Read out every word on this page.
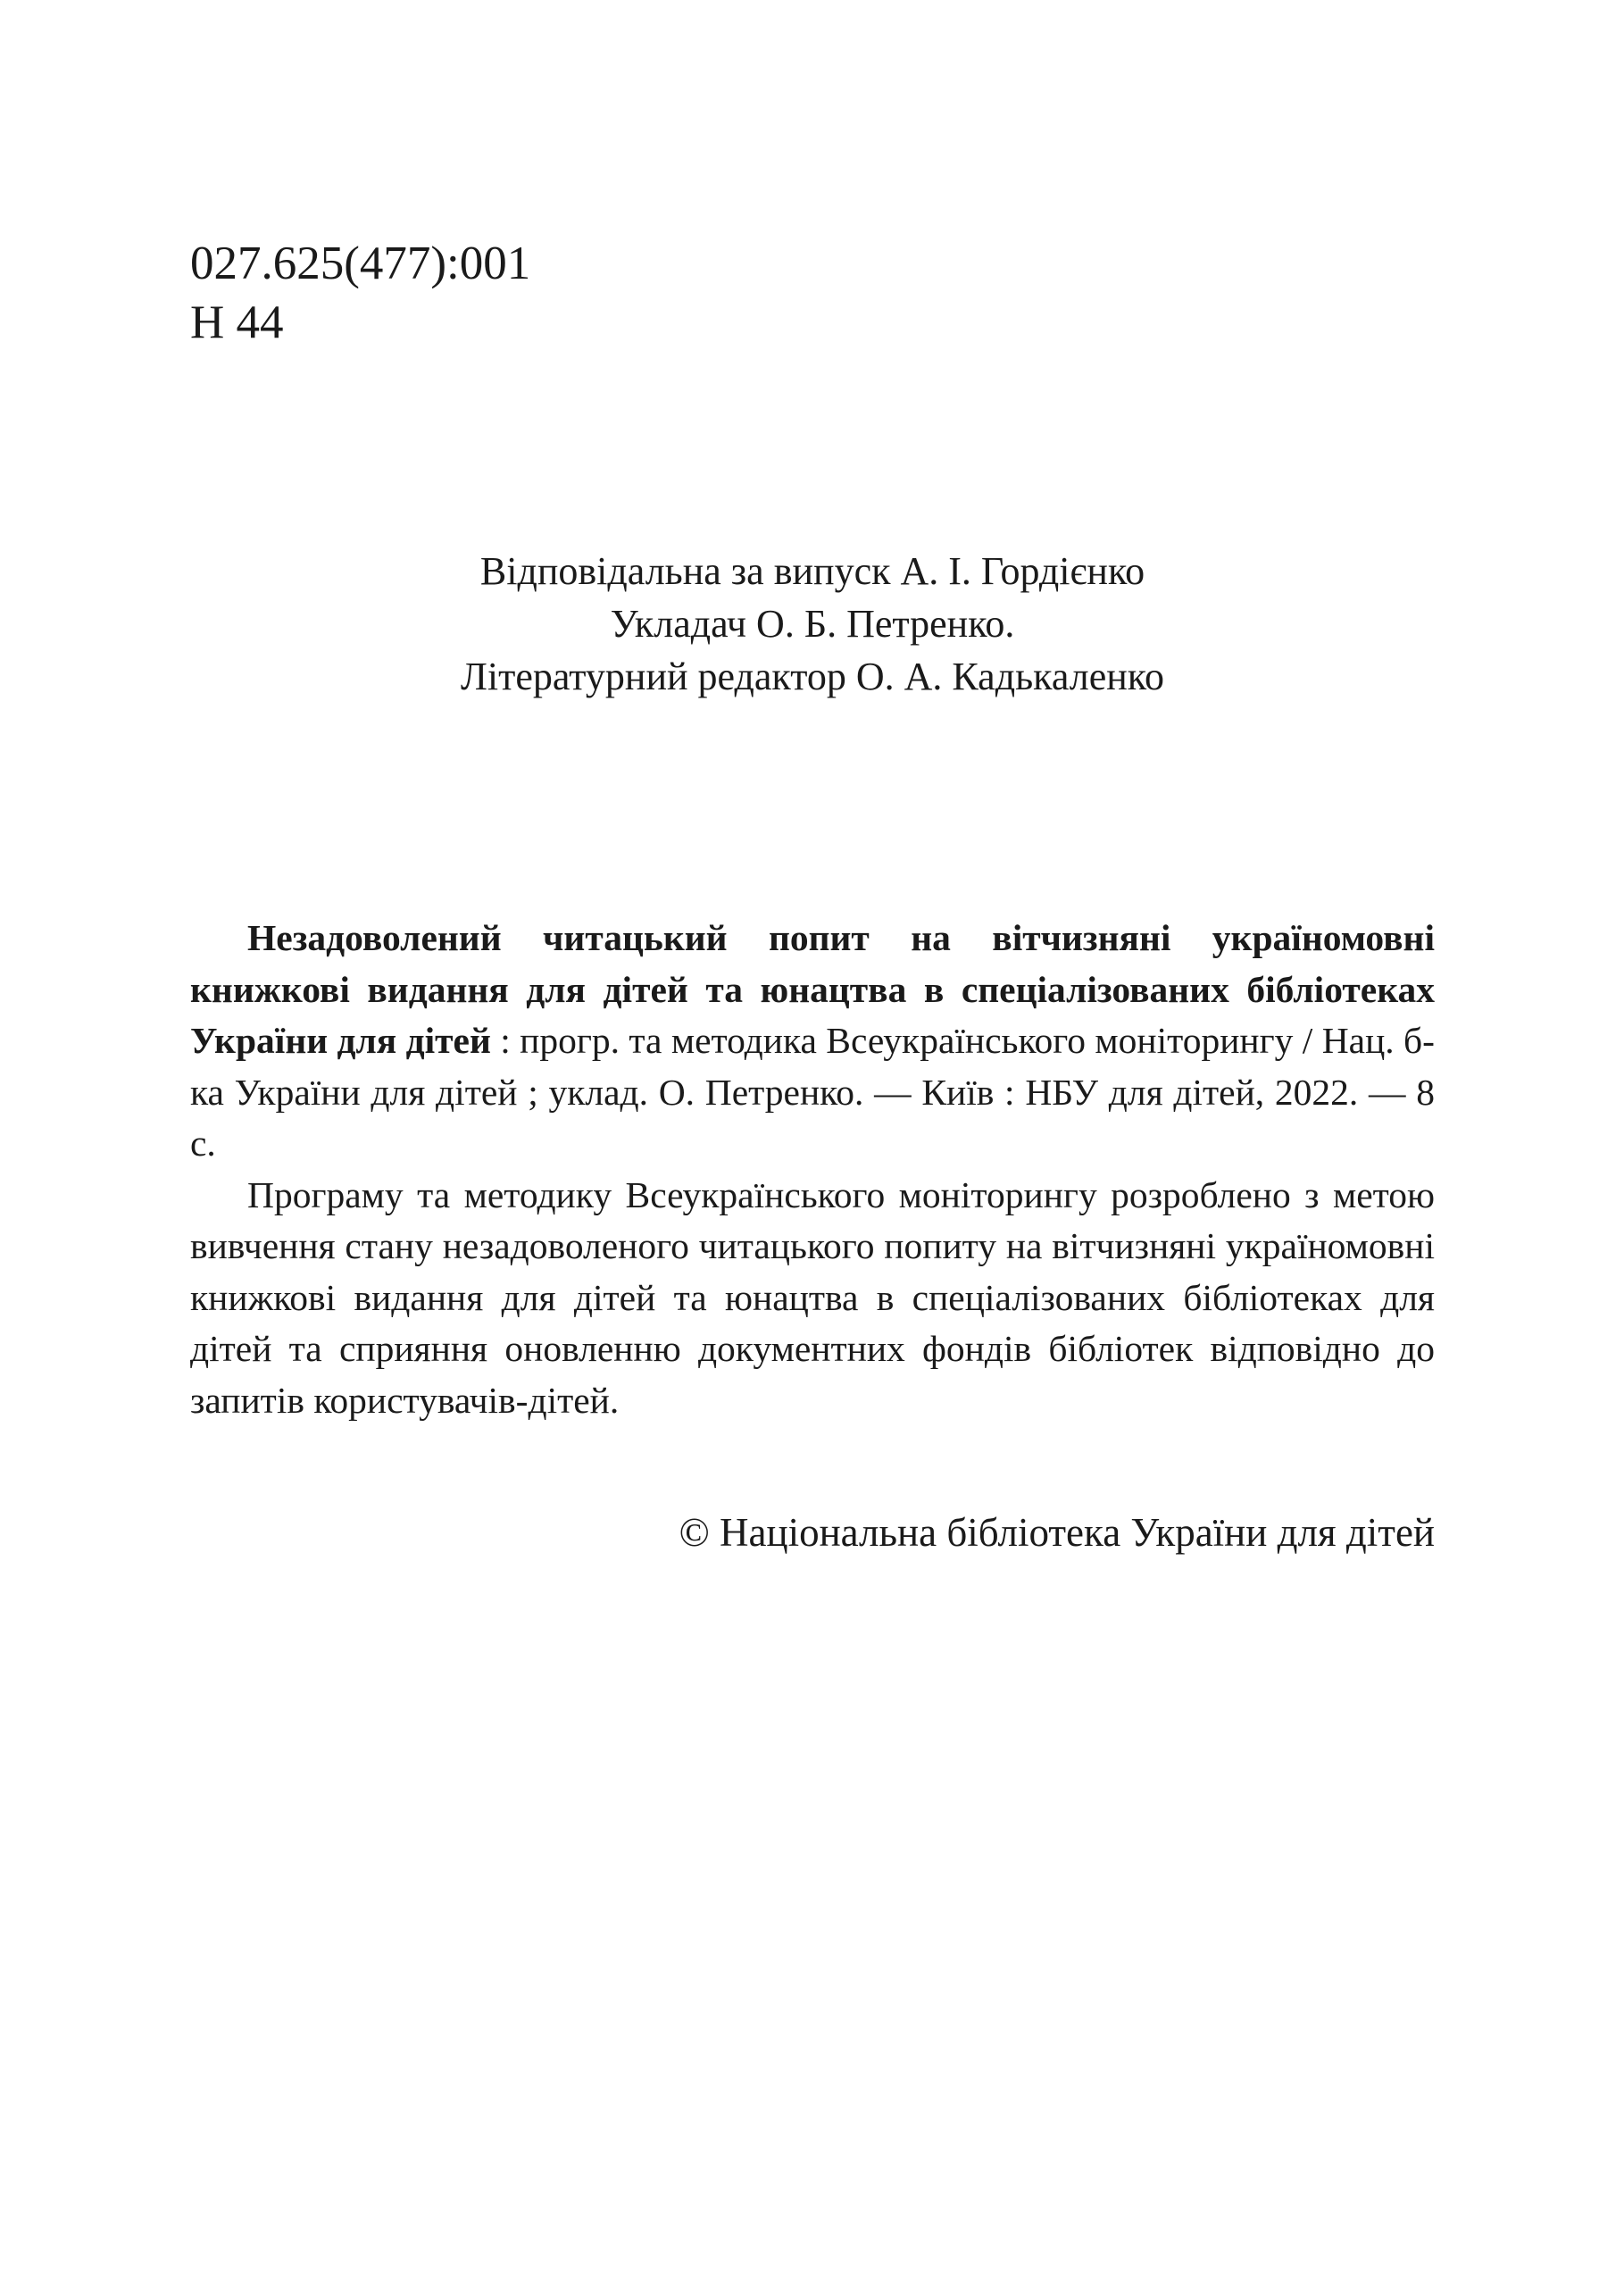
027.625(477):001
Н 44
Відповідальна за випуск А. І. Гордієнко
Укладач О. Б. Петренко.
Літературний редактор О. А. Кадькаленко

Незадоволений читацький попит на вітчизняні україномовні книжкові видання для дітей та юнацтва в спеціалізованих бібліотеках України для дітей : прогр. та методика Всеукраїнського моніторингу / Нац. б-ка України для дітей ; уклад. О. Петренко. — Київ : НБУ для дітей, 2022. — 8 с.

Програму та методику Всеукраїнського моніторингу розроблено з метою вивчення стану незадоволеного читацького попиту на вітчизняні україномовні книжкові видання для дітей та юнацтва в спеціалізованих бібліотеках для дітей та сприяння оновленню документних фондів бібліотек відповідно до запитів користувачів-дітей.

© Національна бібліотека України для дітей
